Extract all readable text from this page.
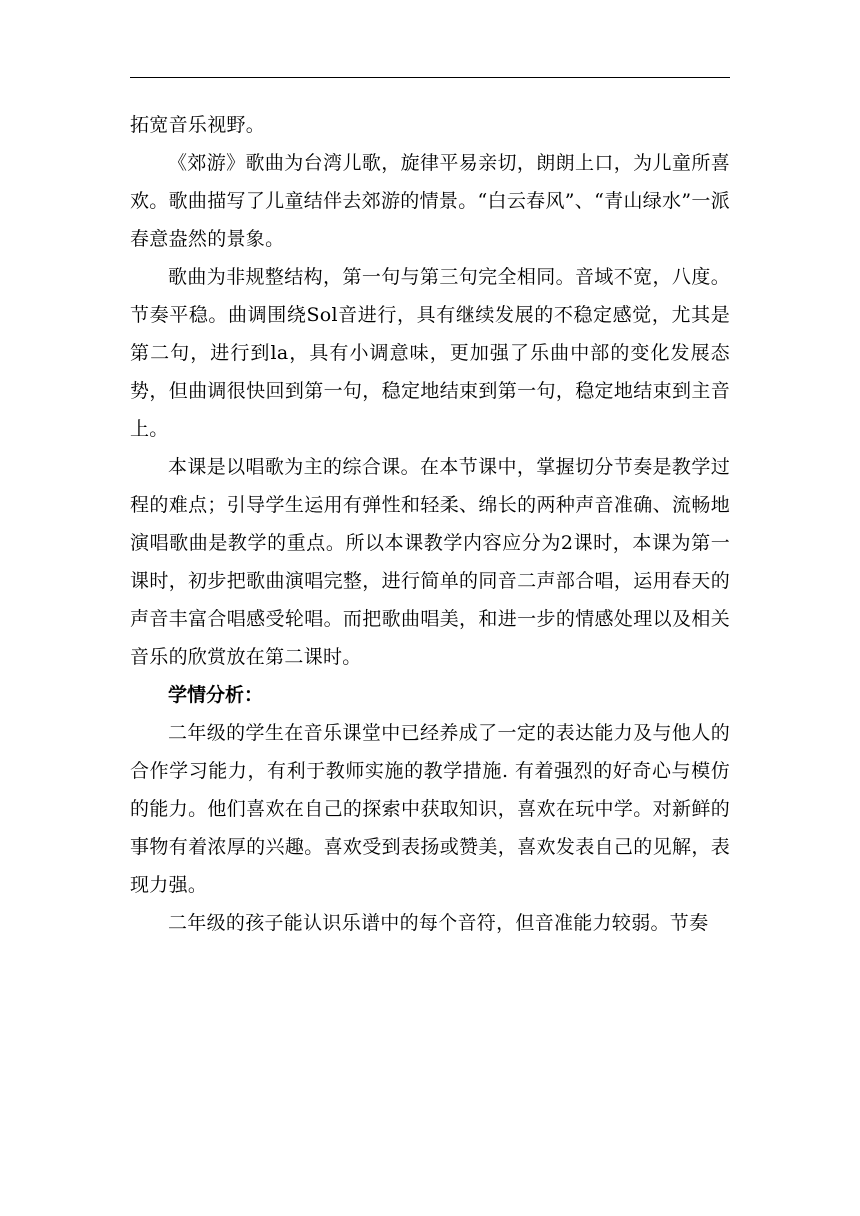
拓宽音乐视野。

《郊游》歌曲为台湾儿歌，旋律平易亲切，朗朗上口，为儿童所喜欢。歌曲描写了儿童结伴去郊游的情景。“白云春风”、“青山绿水”一派春意盎然的景象。

歌曲为非规整结构，第一句与第三句完全相同。音域不宽，八度。节奏平稳。曲调围绕Sol音进行，具有继续发展的不稳定感觉，尤其是第二句，进行到la，具有小调意味，更加强了乐曲中部的变化发展态势，但曲调很快回到第一句，稳定地结束到第一句，稳定地结束到主音上。

本课是以唱歌为主的综合课。在本节课中，掌握切分节奏是教学过程的难点；引导学生运用有弹性和轻柔、绵长的两种声音准确、流畅地演唱歌曲是教学的重点。所以本课教学内容应分为2课时，本课为第一课时，初步把歌曲演唱完整，进行简单的同音二声部合唱，运用春天的声音丰富合唱感受轮唱。而把歌曲唱美，和进一步的情感处理以及相关音乐的欣赏放在第二课时。

学情分析：

二年级的学生在音乐课堂中已经养成了一定的表达能力及与他人的合作学习能力，有利于教师实施的教学措施. 有着强烈的好奇心与模仿的能力。他们喜欢在自己的探索中获取知识，喜欢在玩中学。对新鲜的事物有着浓厚的兴趣。喜欢受到表扬或赞美，喜欢发表自己的见解，表现力强。

二年级的孩子能认识乐谱中的每个音符，但音准能力较弱。节奏
